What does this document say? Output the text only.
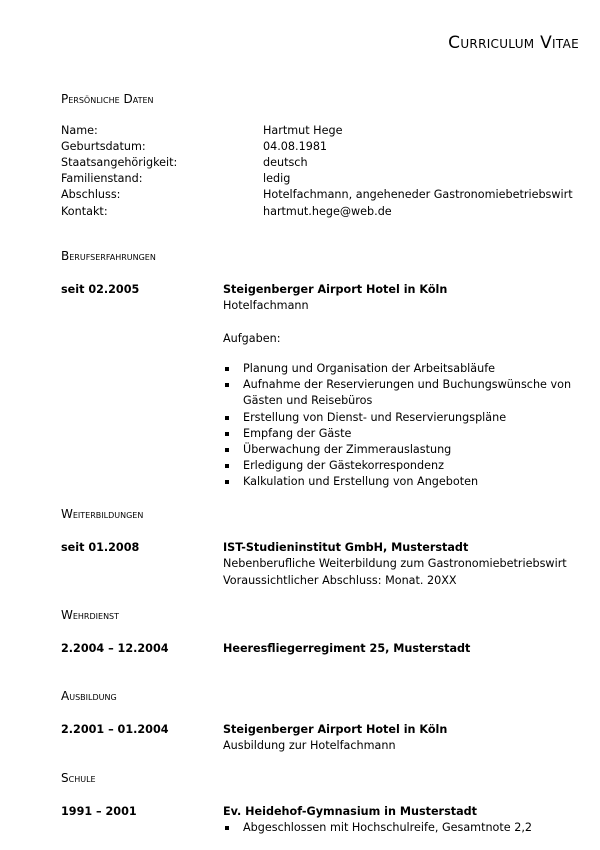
Curriculum Vitae
Persönliche Daten
Name:	Hartmut Hege
Geburtsdatum:	04.08.1981
Staatsangehörigkeit:	deutsch
Familienstand:	ledig
Abschluss:	Hotelfachmann, angeheneder Gastronomiebetriebswirt
Kontakt:	hartmut.hege@web.de
Berufserfahrungen
seit 02.2005	Steigenberger Airport Hotel in Köln
Hotelfachmann
Aufgaben:
Planung und Organisation der Arbeitsabläufe
Aufnahme der Reservierungen und Buchungswünsche von
Gästen und Reisebüros
Erstellung von Dienst- und Reservierungspläne
Empfang der Gäste
Überwachung der Zimmerauslastung
Erledigung der Gästekorrespondenz
Kalkulation und Erstellung von Angeboten
Weiterbildungen
seit 01.2008	IST-Studieninstitut GmbH, Musterstadt
Nebenberufliche Weiterbildung zum Gastronomiebetriebswirt
Voraussichtlicher Abschluss: Monat. 20XX
Wehrdienst
2.2004 – 12.2004	Heeresfliegerregiment 25, Musterstadt
Ausbildung
2.2001 – 01.2004	Steigenberger Airport Hotel in Köln
Ausbildung zur Hotelfachmann
Schule
1991 – 2001	Ev. Heidehof-Gymnasium in Musterstadt
Abgeschlossen mit Hochschulreife, Gesamtnote 2,2
